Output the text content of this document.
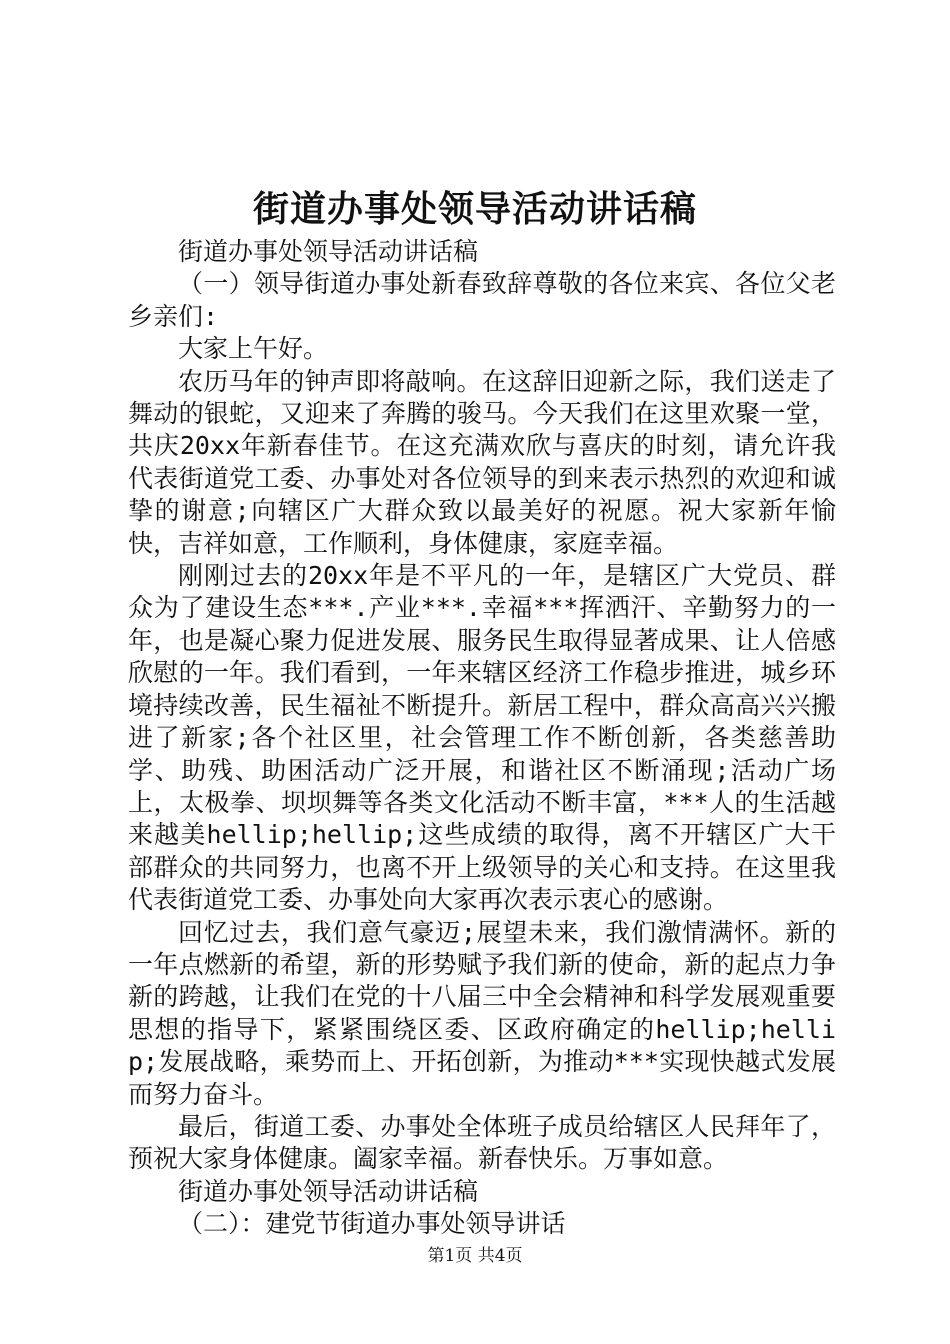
街道办事处领导活动讲话稿

街道办事处领导活动讲话稿

（一）领导街道办事处新春致辞尊敬的各位来宾、各位父老乡亲们:

大家上午好。

农历马年的钟声即将敲响。在这辞旧迎新之际，我们送走了舞动的银蛇，又迎来了奔腾的骏马。今天我们在这里欢聚一堂，共庆20xx年新春佳节。在这充满欢欣与喜庆的时刻，请允许我代表街道党工委、办事处对各位领导的到来表示热烈的欢迎和诚挚的谢意;向辖区广大群众致以最美好的祝愿。祝大家新年愉快，吉祥如意，工作顺利，身体健康，家庭幸福。

刚刚过去的20xx年是不平凡的一年，是辖区广大党员、群众为了建设生态***.产业***.幸福***挥洒汗、辛勤努力的一年，也是凝心聚力促进发展、服务民生取得显著成果、让人倍感欣慰的一年。我们看到，一年来辖区经济工作稳步推进，城乡环境持续改善，民生福祉不断提升。新居工程中，群众高高兴兴搬进了新家;各个社区里，社会管理工作不断创新，各类慈善助学、助残、助困活动广泛开展，和谐社区不断涌现;活动广场上，太极拳、坝坝舞等各类文化活动不断丰富，***人的生活越来越美hellip;hellip;这些成绩的取得，离不开辖区广大干部群众的共同努力，也离不开上级领导的关心和支持。在这里我代表街道党工委、办事处向大家再次表示衷心的感谢。

回忆过去，我们意气豪迈;展望未来，我们激情满怀。新的一年点燃新的希望，新的形势赋予我们新的使命，新的起点力争新的跨越，让我们在党的十八届三中全会精神和科学发展观重要思想的指导下，紧紧围绕区委、区政府确定的hellip;hellip;发展战略，乘势而上、开拓创新，为推动***实现快越式发展而努力奋斗。

最后，街道工委、办事处全体班子成员给辖区人民拜年了，预祝大家身体健康。阖家幸福。新春快乐。万事如意。

街道办事处领导活动讲话稿

（二）：建党节街道办事处领导讲话

第1页 共4页
